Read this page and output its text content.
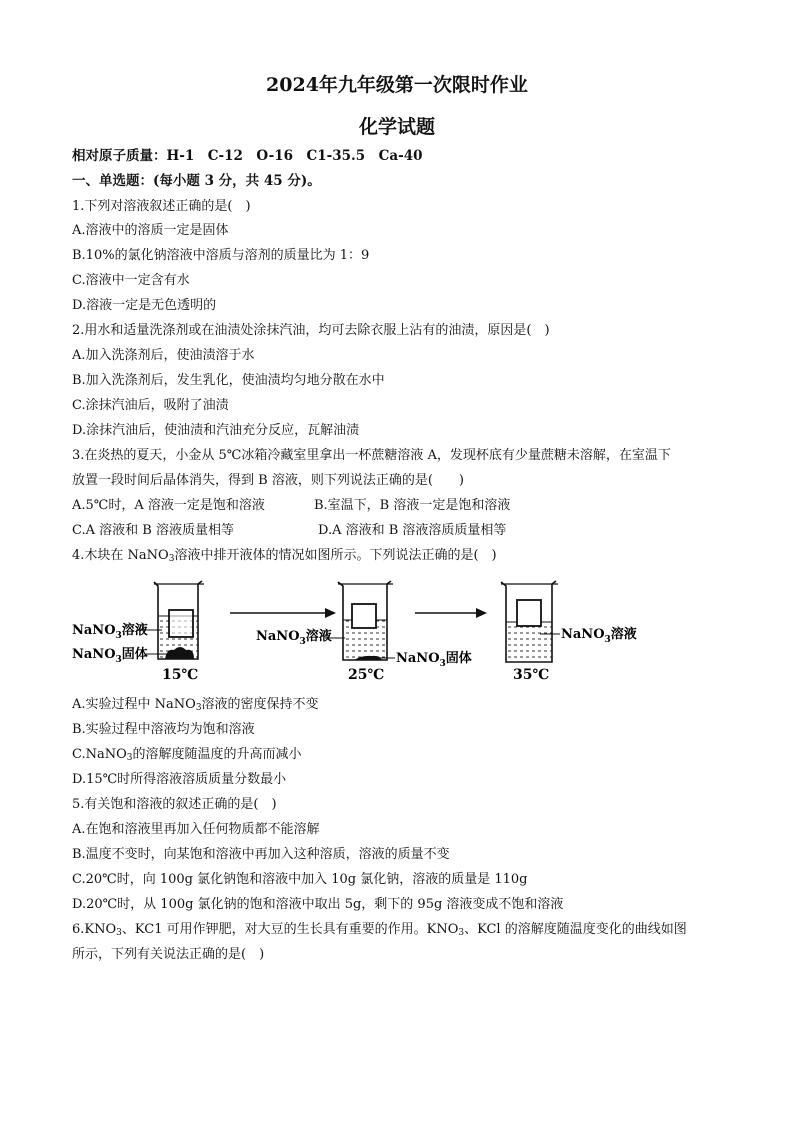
2024年九年级第一次限时作业
化学试题
相对原子质量：H-1　C-12　O-16　C1-35.5　Ca-40
一、单选题：(每小题 3 分，共 45 分)。
1.下列对溶液叙述正确的是(　)
A.溶液中的溶质一定是固体
B.10%的氯化钠溶液中溶质与溶剂的质量比为 1：9
C.溶液中一定含有水
D.溶液一定是无色透明的
2.用水和适量洗涤剂或在油渍处涂抹汽油，均可去除衣服上沾有的油渍，原因是(　)
A.加入洗涤剂后，使油渍溶于水
B.加入洗涤剂后，发生乳化，使油渍均匀地分散在水中
C.涂抹汽油后，吸附了油渍
D.涂抹汽油后，使油渍和汽油充分反应，瓦解油渍
3.在炎热的夏天，小金从 5℃冰箱冷藏室里拿出一杯蔗糖溶液 A，发现杯底有少量蔗糖未溶解，在室温下
放置一段时间后晶体消失，得到 B 溶液，则下列说法正确的是(　　)
A.5℃时，A 溶液一定是饱和溶液	B.室温下，B 溶液一定是饱和溶液
C.A 溶液和 B 溶液质量相等	D.A 溶液和 B 溶液溶质质量相等
4.木块在 NaNO$_3$溶液中排开液体的情况如图所示。下列说法正确的是(　)
NaNO$_3$溶液
NaNO$_3$固体
15℃
NaNO$_3$溶液
NaNO$_3$固体
25℃
NaNO$_3$溶液
35℃
A.实验过程中 NaNO$_3$溶液的密度保持不变
B.实验过程中溶液均为饱和溶液
C.NaNO$_3$的溶解度随温度的升高而减小
D.15℃时所得溶液溶质质量分数最小
5.有关饱和溶液的叙述正确的是(　)
A.在饱和溶液里再加入任何物质都不能溶解
B.温度不变时，向某饱和溶液中再加入这种溶质，溶液的质量不变
C.20℃时，向 100g 氯化钠饱和溶液中加入 10g 氯化钠，溶液的质量是 110g
D.20℃时，从 100g 氯化钠的饱和溶液中取出 5g，剩下的 95g 溶液变成不饱和溶液
$6.KNO_3$、KC1 可用作钾肥，对大豆的生长具有重要的作用。$KNO_3$、KCl 的溶解度随温度变化的曲线如图
所示，下列有关说法正确的是(　)
